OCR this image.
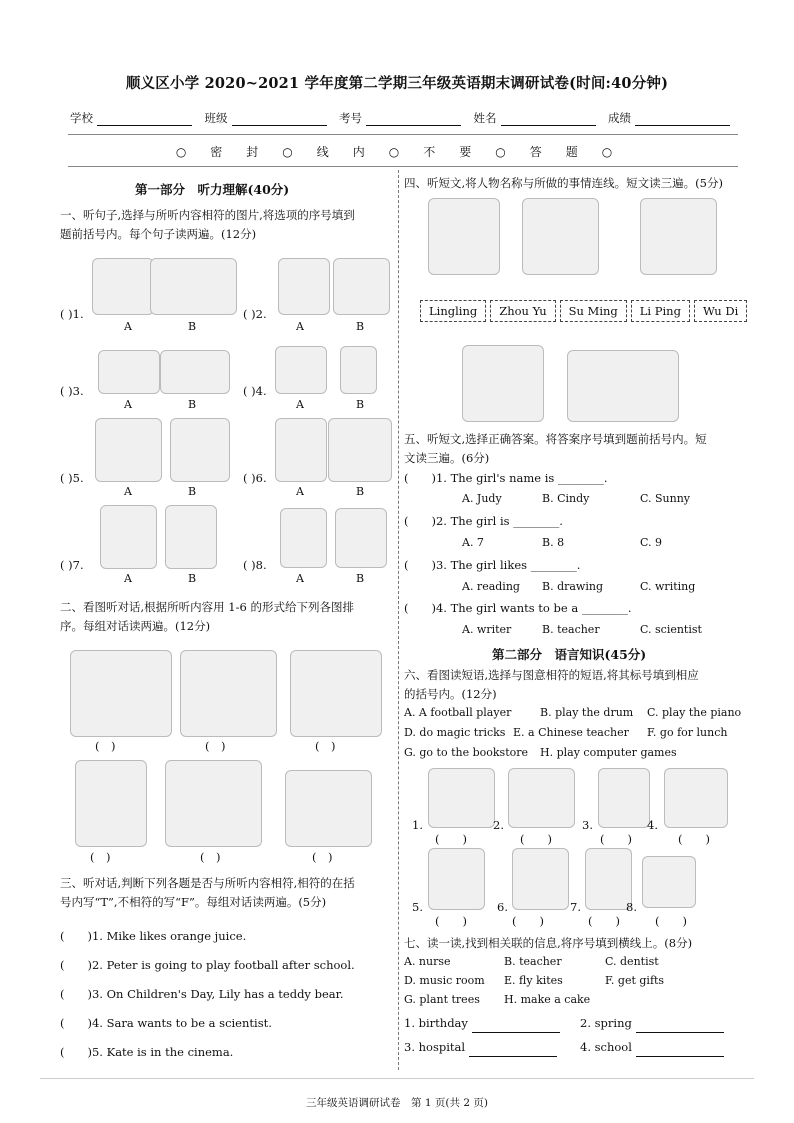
顺义区小学 2020~2021 学年度第二学期三年级英语期末调研试卷(时间:40分钟)
学校	班级	考号	姓名	成绩
○　密　封　○　线　内　○　不　要　○　答　题　○
第一部分　听力理解(40分)
一、听句子,选择与所听内容相符的图片,将选项的序号填到
题前括号内。每个句子读两遍。(12分)
( )1.
A	B
( )2.
A	B
( )3.
A	B
( )4.
A	B
( )5.
A	B
( )6.
A	B
( )7.
A	B
( )8.
A	B
二、看图听对话,根据所听内容用 1-6 的形式给下列各图排
序。每组对话读两遍。(12分)
(　)	(　)	(　)
(　)	(　)	(　)
三、听对话,判断下列各题是否与所听内容相符,相符的在括
号内写“T”,不相符的写“F”。每组对话读两遍。(5分)
(　　)1. Mike likes orange juice.
(　　)2. Peter is going to play football after school.
(　　)3. On Children's Day, Lily has a teddy bear.
(　　)4. Sara wants to be a scientist.
(　　)5. Kate is in the cinema.
四、听短文,将人物名称与所做的事情连线。短文读三遍。(5分)
Lingling	Zhou Yu	Su Ming	Li Ping	Wu Di
五、听短文,选择正确答案。将答案序号填到题前括号内。短
文读三遍。(6分)
(　　)1. The girl's name is ________.
A. Judy	B. Cindy	C. Sunny
(　　)2. The girl is ________.
A. 7	B. 8	C. 9
(　　)3. The girl likes ________.
A. reading B. drawing	C. writing
(　　)4. The girl wants to be a ________.
A. writer	B. teacher	C. scientist
第二部分　语言知识(45分)
六、看图读短语,选择与图意相符的短语,将其标号填到相应
的括号内。(12分)
A. A football player	B. play the drum C. play the piano
D. do magic tricks E. a Chinese teacher F. go for lunch
G. go to the bookstore H. play computer games
1.	2.	3.	4.
(　　)	(　　)	(　　)	(　　)
5.	6.	7.	8.
(　　)	(　　)	(　　)	(　　)
七、读一读,找到相关联的信息,将序号填到横线上。(8分)
A. nurse	B. teacher	C. dentist
D. music room E. fly kites	F. get gifts
G. plant trees H. make a cake
1. birthday	2. spring
3. hospital	4. school
三年级英语调研试卷　第 1 页(共 2 页)
